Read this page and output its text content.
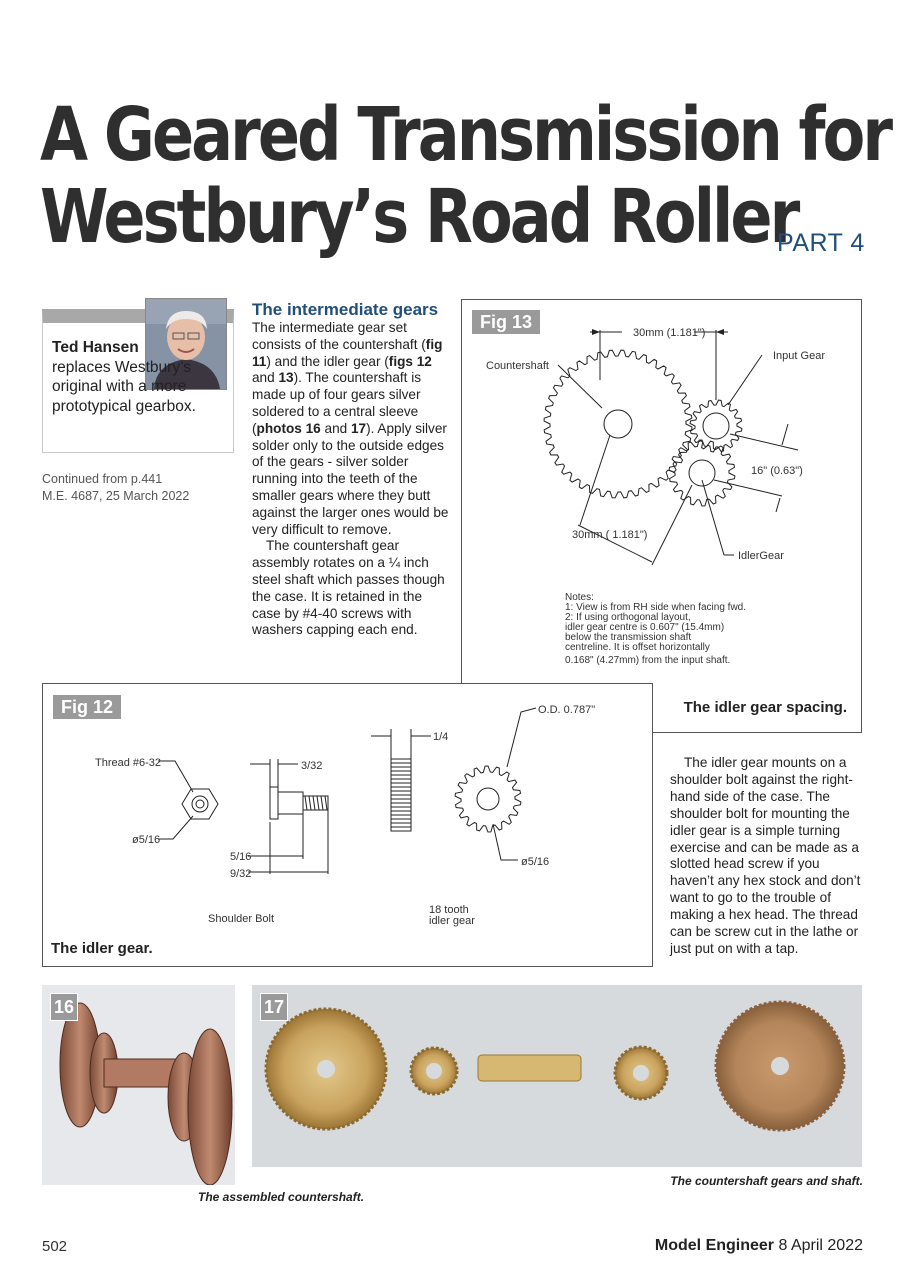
A Geared Transmission for
Westbury’s Road Roller
PART 4
Ted Hansen
replaces Westbury’s original with a more prototypical gearbox.
Continued from p.441
M.E. 4687, 25 March 2022
The intermediate gears

The intermediate gear set consists of the countershaft (fig 11) and the idler gear (figs 12 and 13). The countershaft is made up of four gears silver soldered to a central sleeve (photos 16 and 17). Apply silver solder only to the outside edges of the gears - silver solder running into the teeth of the smaller gears where they butt against the larger ones would be very difficult to remove.

The countershaft gear assembly rotates on a ¼ inch steel shaft which passes though the case. It is retained in the case by #4-40 screws with washers capping each end.

Fig 13
30mm (1.181")
Countershaft
Input Gear
16" (0.63")
30mm ( 1.181")
IdlerGear
Notes:
1: View is from RH side when facing fwd.
2: If using orthogonal layout,
idler gear centre is 0.607" (15.4mm)
below the transmission shaft
centreline. It is offset horizontally
0.168" (4.27mm) from the input shaft.
The idler gear spacing.
Fig 12
Thread #6-32
ø5/16
3/32
5/16
9/32
1/4
O.D. 0.787"
ø5/16
Shoulder Bolt
18 tooth
idler gear
The idler gear.

The idler gear mounts on a shoulder bolt against the right-hand side of the case. The shoulder bolt for mounting the idler gear is a simple turning exercise and can be made as a slotted head screw if you haven’t any hex stock and don’t want to go to the trouble of making a hex head. The thread can be screw cut in the lathe or just put on with a tap.

16
The assembled countershaft.
17
The countershaft gears and shaft.
502	Model Engineer 8 April 2022
